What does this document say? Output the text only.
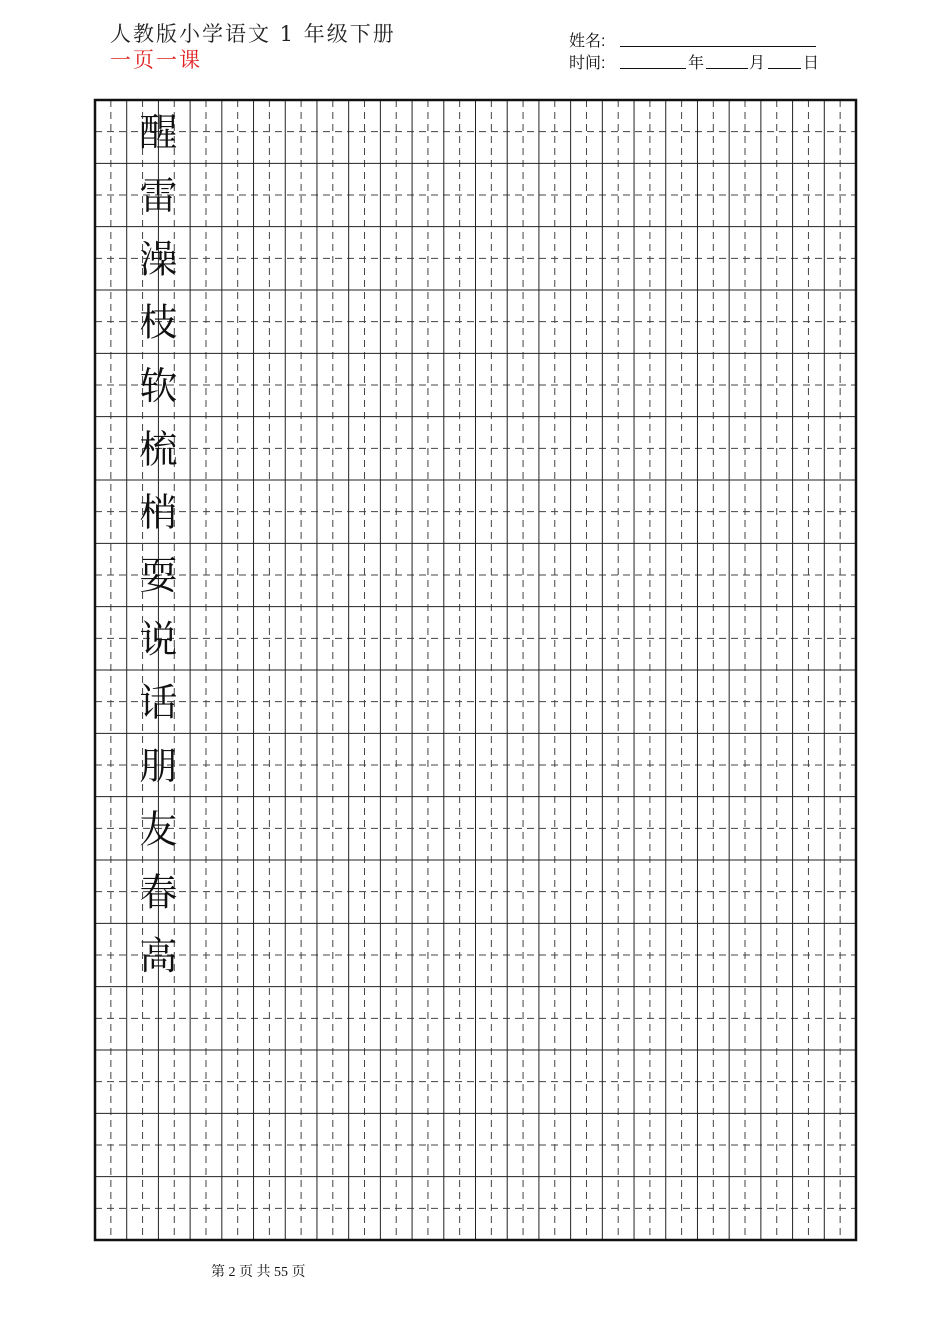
人教版小学语文 1 年级下册
一页一课
姓名:
时间:	年	月 日
醒
雷
澡
枝
软
梳
梢
耍
说
话
朋
友
春
高
第 2 页 共 55 页
